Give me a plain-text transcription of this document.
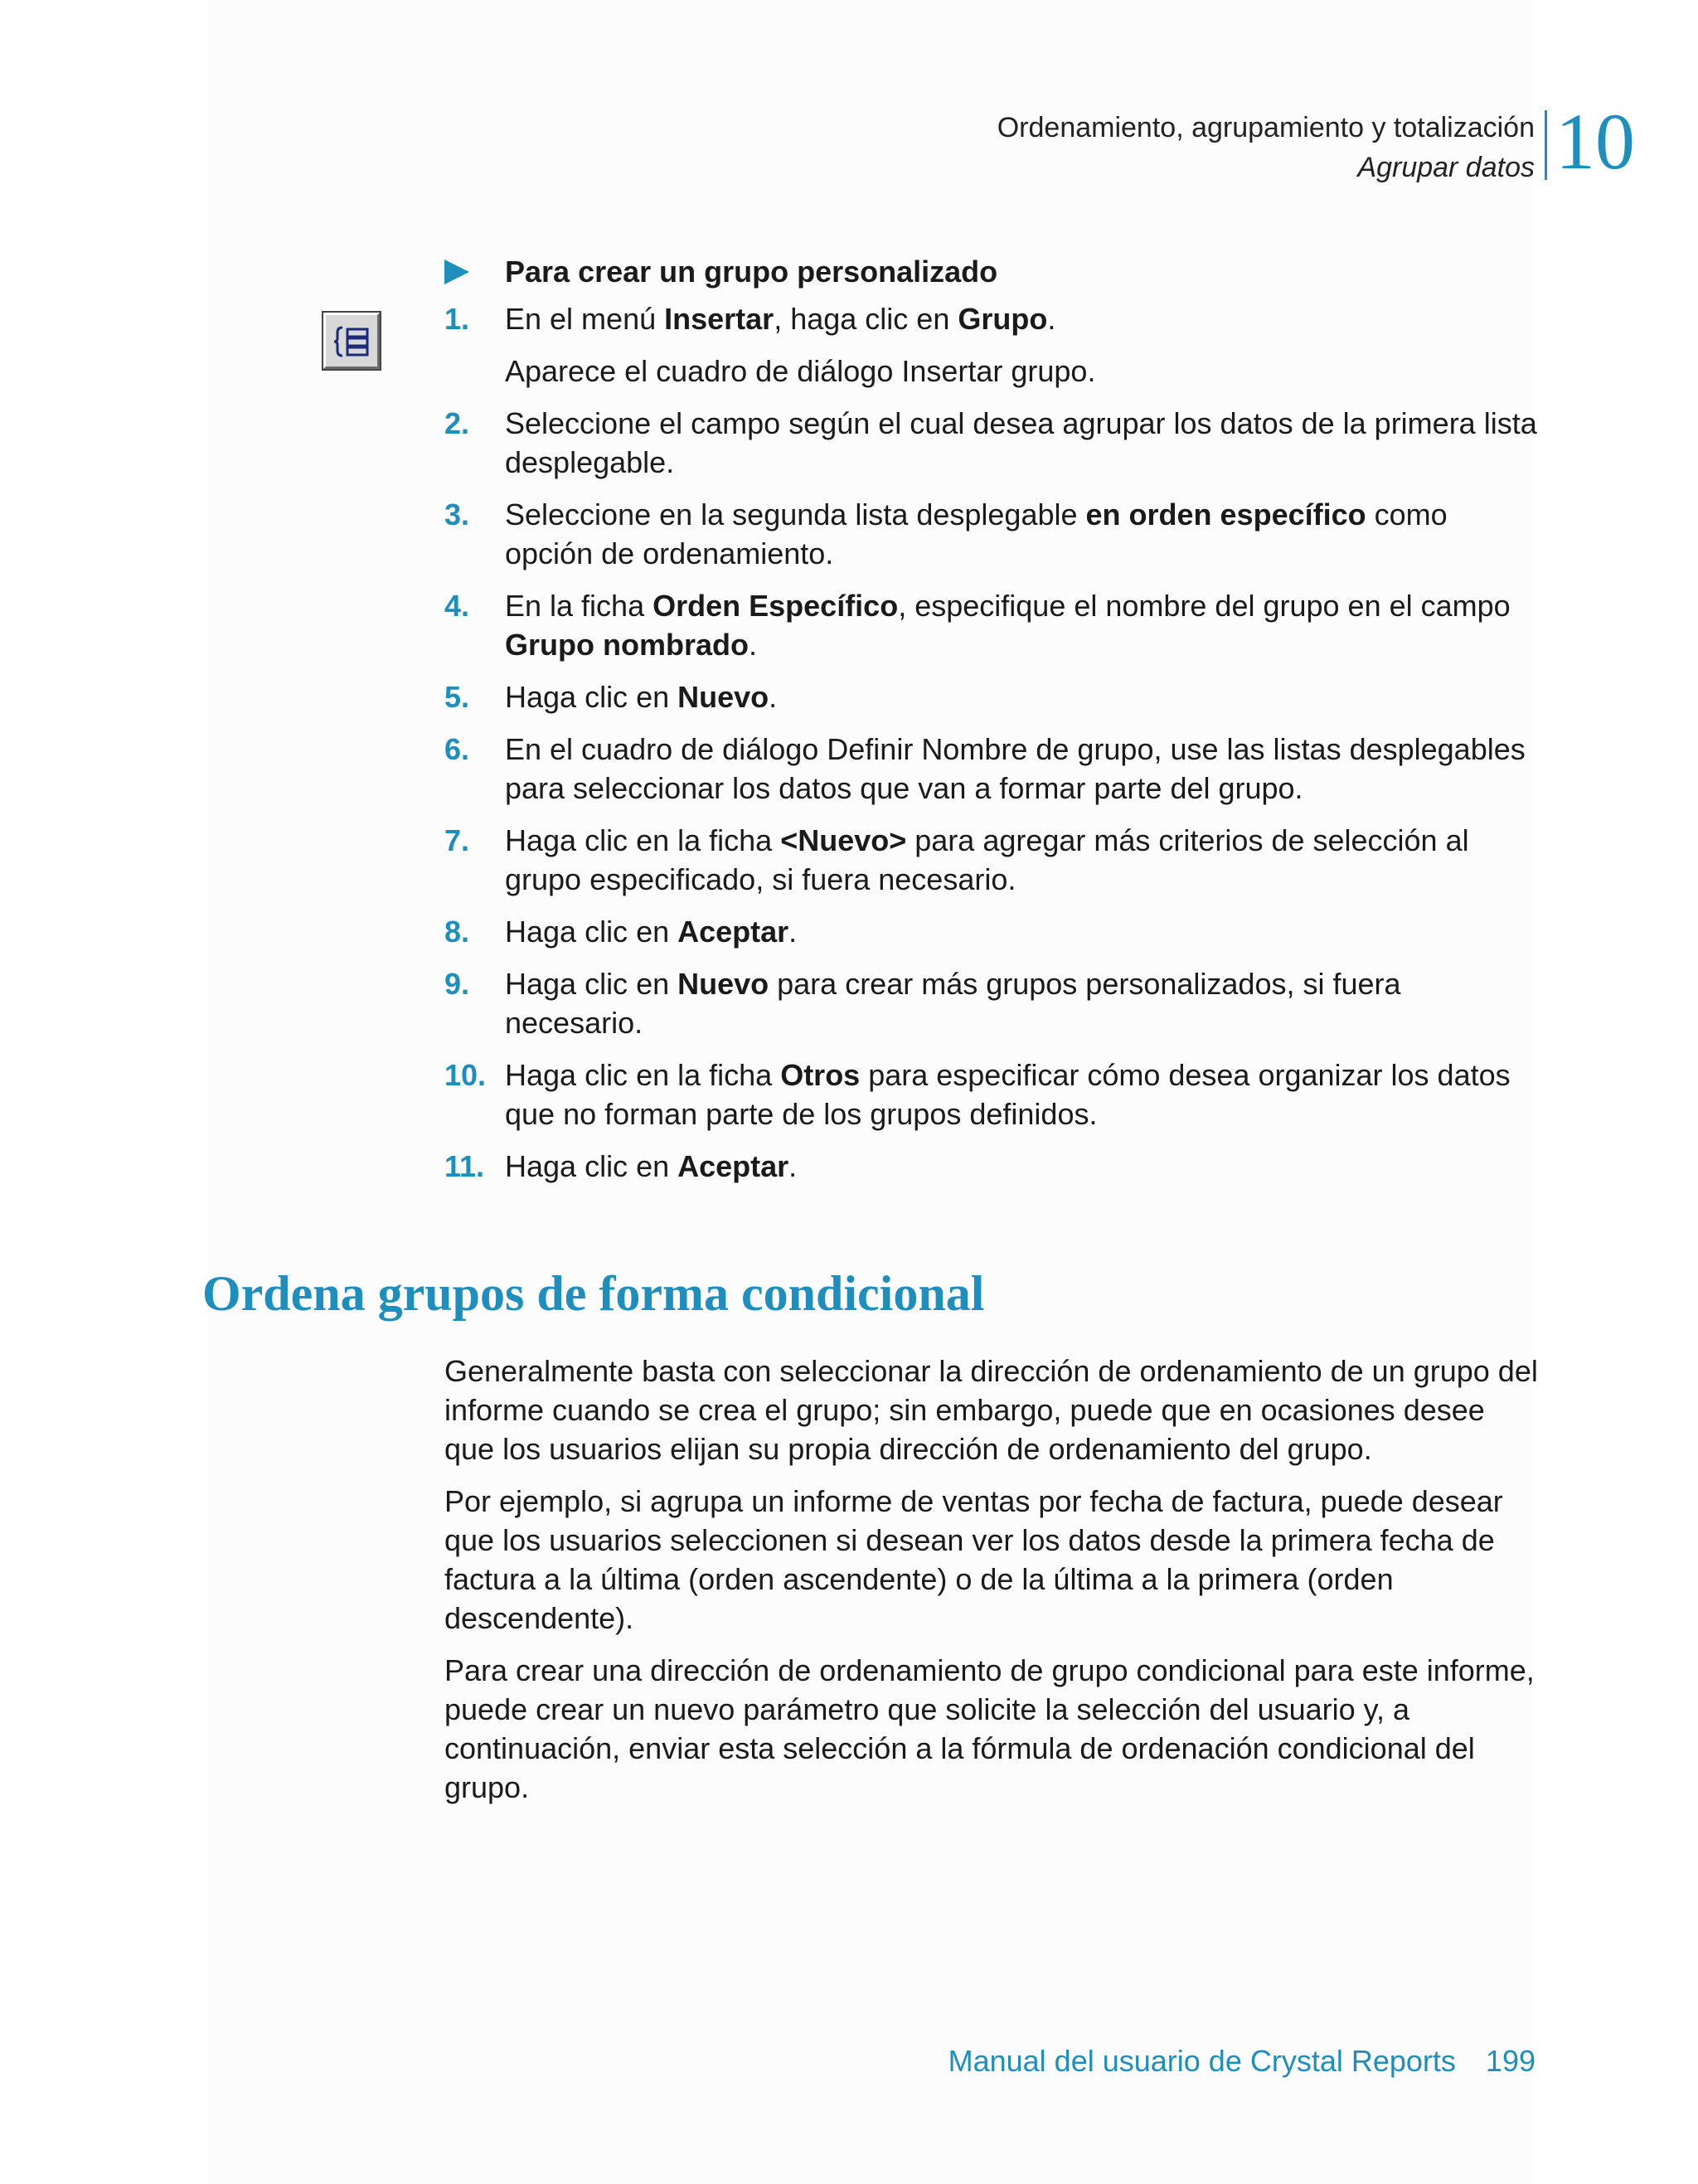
Ordenamiento, agrupamiento y totalización
Agrupar datos 10
Para crear un grupo personalizado
1. En el menú Insertar, haga clic en Grupo.
Aparece el cuadro de diálogo Insertar grupo.
2. Seleccione el campo según el cual desea agrupar los datos de la primera lista desplegable.
3. Seleccione en la segunda lista desplegable en orden específico como opción de ordenamiento.
4. En la ficha Orden Específico, especifique el nombre del grupo en el campo Grupo nombrado.
5. Haga clic en Nuevo.
6. En el cuadro de diálogo Definir Nombre de grupo, use las listas desplegables para seleccionar los datos que van a formar parte del grupo.
7. Haga clic en la ficha <Nuevo> para agregar más criterios de selección al grupo especificado, si fuera necesario.
8. Haga clic en Aceptar.
9. Haga clic en Nuevo para crear más grupos personalizados, si fuera necesario.
10. Haga clic en la ficha Otros para especificar cómo desea organizar los datos que no forman parte de los grupos definidos.
11. Haga clic en Aceptar.
Ordena grupos de forma condicional

Generalmente basta con seleccionar la dirección de ordenamiento de un grupo del informe cuando se crea el grupo; sin embargo, puede que en ocasiones desee que los usuarios elijan su propia dirección de ordenamiento del grupo.

Por ejemplo, si agrupa un informe de ventas por fecha de factura, puede desear que los usuarios seleccionen si desean ver los datos desde la primera fecha de factura a la última (orden ascendente) o de la última a la primera (orden descendente).

Para crear una dirección de ordenamiento de grupo condicional para este informe, puede crear un nuevo parámetro que solicite la selección del usuario y, a continuación, enviar esta selección a la fórmula de ordenación condicional del grupo.

Manual del usuario de Crystal Reports 199
